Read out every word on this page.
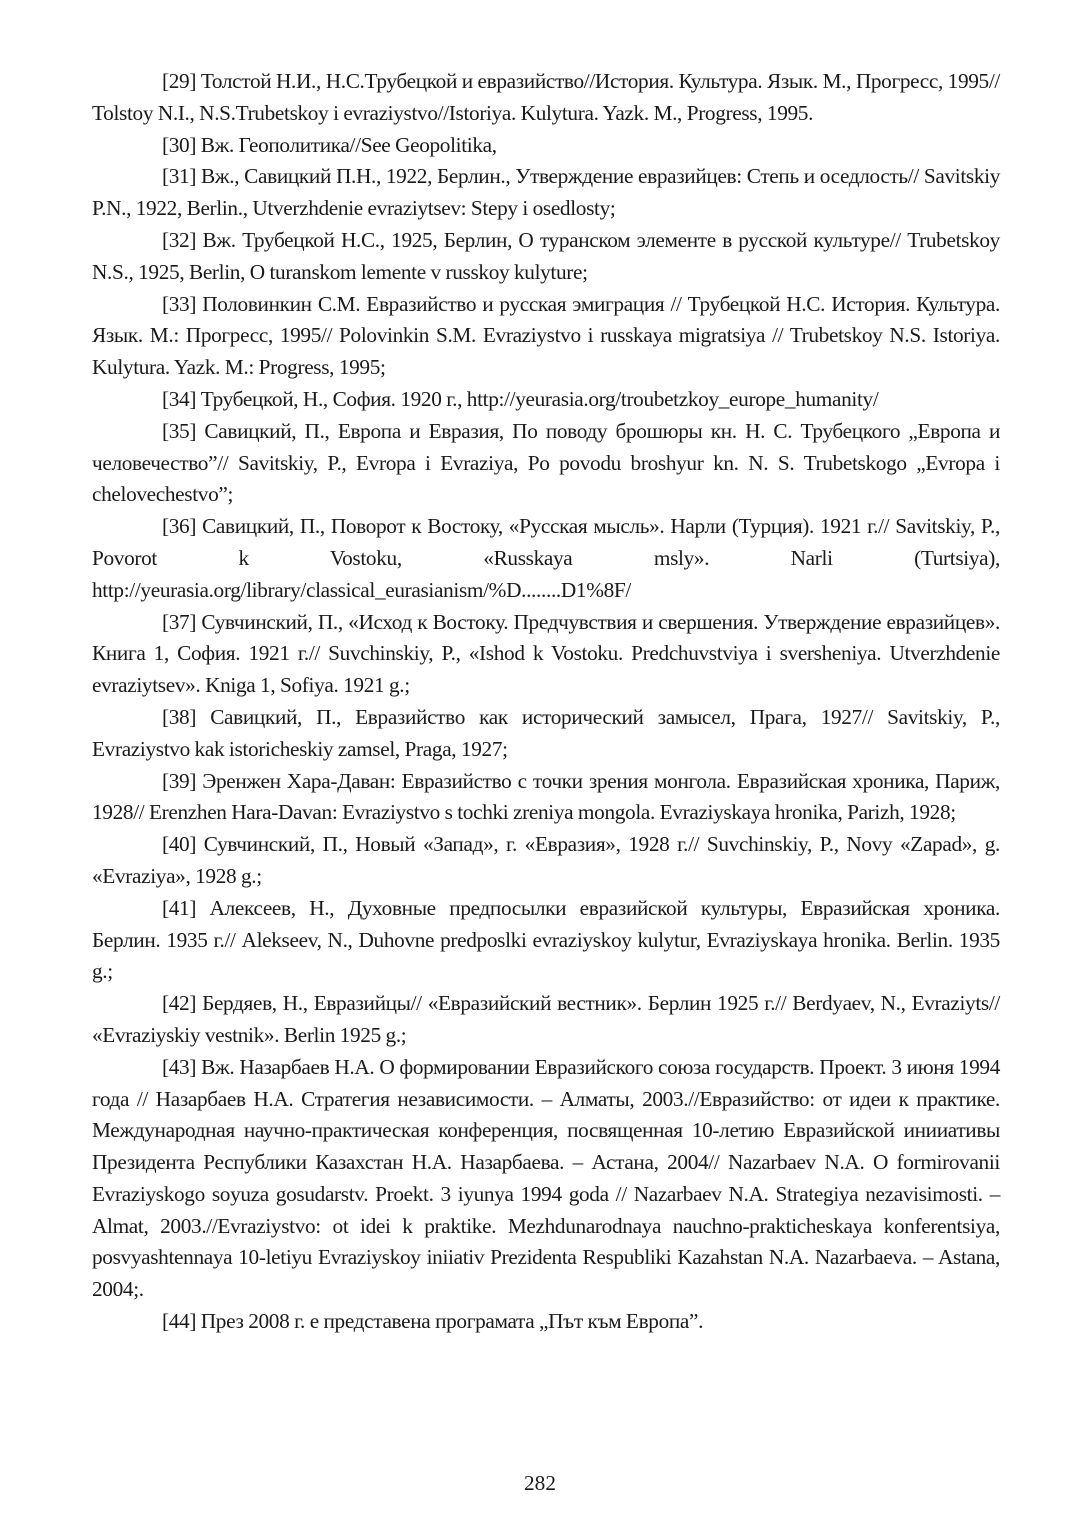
[29] Толстой Н.И., Н.С.Трубецкой и евразийство//История. Культура. Язык. М., Прогресс, 1995// Tolstoy N.I., N.S.Trubetskoy i evraziystvo//Istoriya. Kulytura. Yazk. M., Progress, 1995.

[30] Вж. Геополитика//See Geopolitika,

[31] Вж., Савицкий П.Н., 1922, Берлин., Утверждение евразийцев: Степь и оседлость// Savitskiy P.N., 1922, Berlin., Utverzhdenie evraziytsev: Stepy i osedlosty;

[32] Вж. Трубецкой Н.С., 1925, Берлин, О туранском элементе в русской культуре// Trubetskoy N.S., 1925, Berlin, O turanskom lemente v russkoy kulyture;

[33] Половинкин С.М. Евразийство и русская эмиграция // Трубецкой Н.С. История. Культура. Язык. М.: Прогресс, 1995// Polovinkin S.M. Evraziystvo i russkaya migratsiya // Trubetskoy N.S. Istoriya. Kulytura. Yazk. M.: Progress, 1995;

[34] Трубецкой, Н., София. 1920 г., http://yeurasia.org/troubetzkoy_europe_humanity/

[35] Савицкий, П., Европа и Евразия, По поводу брошюры кн. Н. С. Трубецкого „Европа и человечество”// Savitskiy, P., Evropa i Evraziya, Po povodu broshyur kn. N. S. Trubetskogo „Evropa i chelovechestvo”;

[36] Савицкий, П., Поворот к Востоку, «Русская мысль». Нарли (Турция). 1921 г.// Savitskiy, P., Povorot k Vostoku, «Russkaya msly». Narli (Turtsiya), http://yeurasia.org/library/classical_eurasianism/%D........D1%8F/

[37] Сувчинский, П., «Исход к Востоку. Предчувствия и свершения. Утверждение евразийцев». Книга 1, София. 1921 г.// Suvchinskiy, P., «Ishod k Vostoku. Predchuvstviya i sversheniya. Utverzhdenie evraziytsev». Kniga 1, Sofiya. 1921 g.;

[38] Савицкий, П., Евразийство как исторический замысел, Прага, 1927// Savitskiy, P., Evraziystvo kak istoricheskiy zamsel, Praga, 1927;

[39] Эренжен Хара-Даван: Евразийство с точки зрения монгола. Евразийская хроника, Париж, 1928// Erenzhen Hara-Davan: Evraziystvo s tochki zreniya mongola. Evraziyskaya hronika, Parizh, 1928;

[40] Сувчинский, П., Новый «Запад», г. «Евразия», 1928 г.// Suvchinskiy, P., Novy «Zapad», g. «Evraziya», 1928 g.;

[41] Алексеев, Н., Духовные предпосылки евразийской культуры, Евразийская хроника. Берлин. 1935 г.// Alekseev, N., Duhovne predposlki evraziyskoy kulytur, Evraziyskaya hronika. Berlin. 1935 g.;

[42] Бердяев, Н., Евразийцы// «Евразийский вестник». Берлин 1925 г.// Berdyaev, N., Evraziyts// «Evraziyskiy vestnik». Berlin 1925 g.;

[43] Вж. Назарбаев Н.А. О формировании Евразийского союза государств. Проект. 3 июня 1994 года // Назарбаев Н.А. Стратегия независимости. – Алматы, 2003.//Евразийство: от идеи к практике. Международная научно-практическая конференция, посвященная 10-летию Евразийской инииативы Президента Республики Казахстан Н.А. Назарбаева. – Астана, 2004// Nazarbaev N.A. O formirovanii Evraziyskogo soyuza gosudarstv. Proekt. 3 iyunya 1994 goda // Nazarbaev N.A. Strategiya nezavisimosti. – Almat, 2003.//Evraziystvo: ot idei k praktike. Mezhdunarodnaya nauchno-prakticheskaya konferentsiya, posvyashtennaya 10-letiyu Evraziyskoy iniiativ Prezidenta Respubliki Kazahstan N.A. Nazarbaeva. – Astana, 2004;.

[44] През 2008 г. е представена програмата „Път към Европа”.

282
